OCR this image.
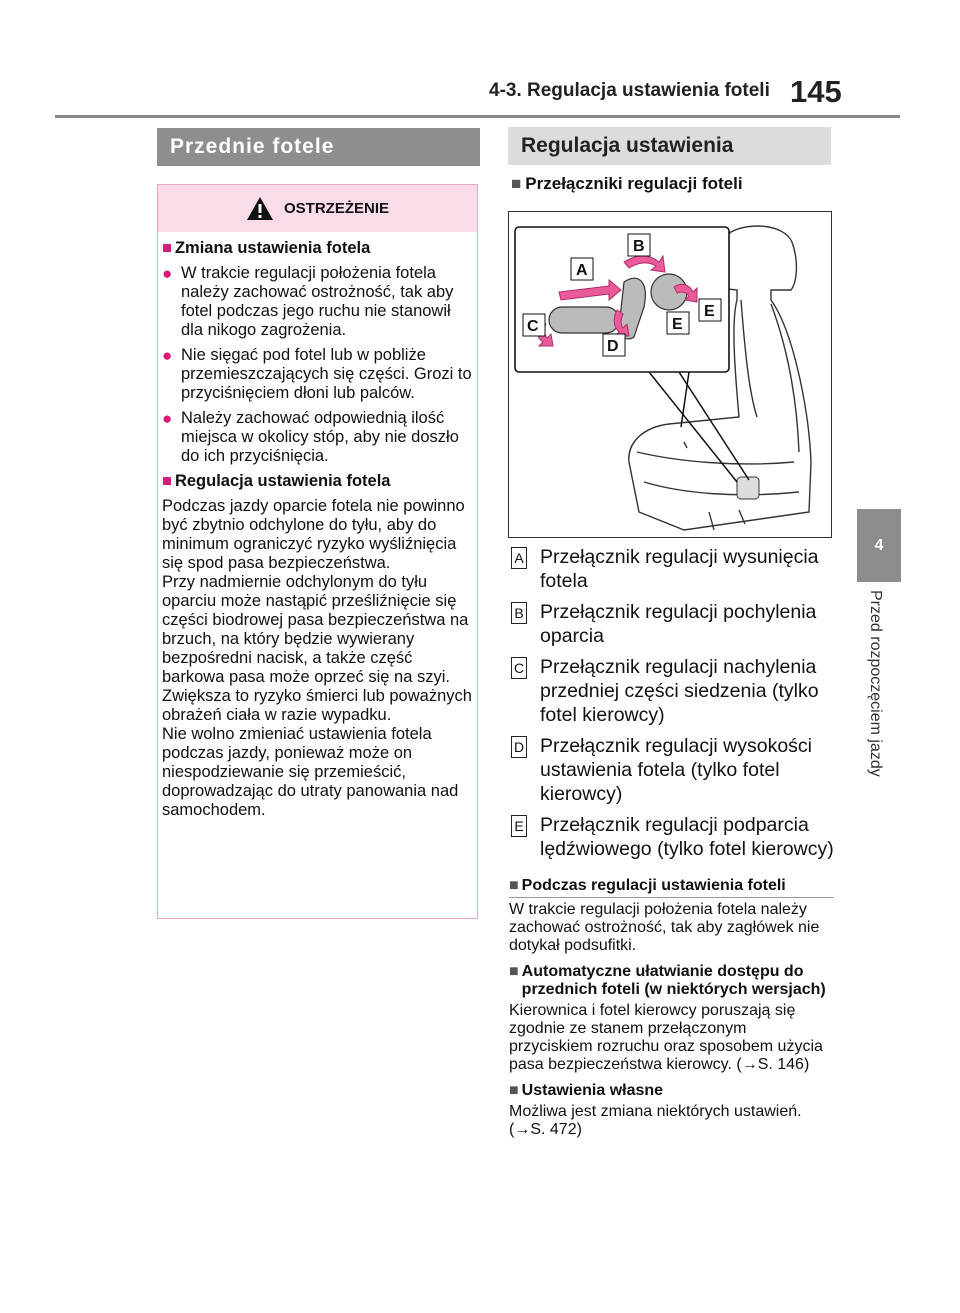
4-3. Regulacja ustawienia foteli 145
4
Przed rozpoczęciem jazdy
Przednie fotele
OSTRZEŻENIE
■ Zmiana ustawienia fotela
● W trakcie regulacji położenia fotela należy zachować ostrożność, tak aby fotel podczas jego ruchu nie stanowił dla nikogo zagrożenia.
● Nie sięgać pod fotel lub w pobliże przemieszczających się części. Grozi to przyciśnięciem dłoni lub palców.
● Należy zachować odpowiednią ilość miejsca w okolicy stóp, aby nie doszło do ich przyciśnięcia.
■ Regulacja ustawienia fotela

Podczas jazdy oparcie fotela nie powinno być zbytnio odchylone do tyłu, aby do minimum ograniczyć ryzyko wyśliźnięcia się spod pasa bezpieczeństwa.

Przy nadmiernie odchylonym do tyłu oparciu może nastąpić prześliźnięcie się części biodrowej pasa bezpieczeństwa na brzuch, na który będzie wywierany bezpośredni nacisk, a także część barkowa pasa może oprzeć się na szyi. Zwiększa to ryzyko śmierci lub poważnych obrażeń ciała w razie wypadku.

Nie wolno zmieniać ustawienia fotela podczas jazdy, ponieważ może on niespodziewanie się przemieścić, doprowadzając do utraty panowania nad samochodem.

Regulacja ustawienia
■ Przełączniki regulacji foteli
A
B
C
D
E
E
A Przełącznik regulacji wysunięcia fotela
B Przełącznik regulacji pochylenia oparcia
C Przełącznik regulacji nachylenia przedniej części siedzenia (tylko fotel kierowcy)
D Przełącznik regulacji wysokości ustawienia fotela (tylko fotel kierowcy)
E Przełącznik regulacji podparcia lędźwiowego (tylko fotel kierowcy)
■ Podczas regulacji ustawienia foteli

W trakcie regulacji położenia fotela należy zachować ostrożność, tak aby zagłówek nie dotykał podsufitki.

■ Automatyczne ułatwianie dostępu do przednich foteli (w niektórych wersjach)

Kierownica i fotel kierowcy poruszają się zgodnie ze stanem przełączonym przyciskiem rozruchu oraz sposobem użycia pasa bezpieczeństwa kierowcy. (→S. 146)

■ Ustawienia własne

Możliwa jest zmiana niektórych ustawień. (→S. 472)
